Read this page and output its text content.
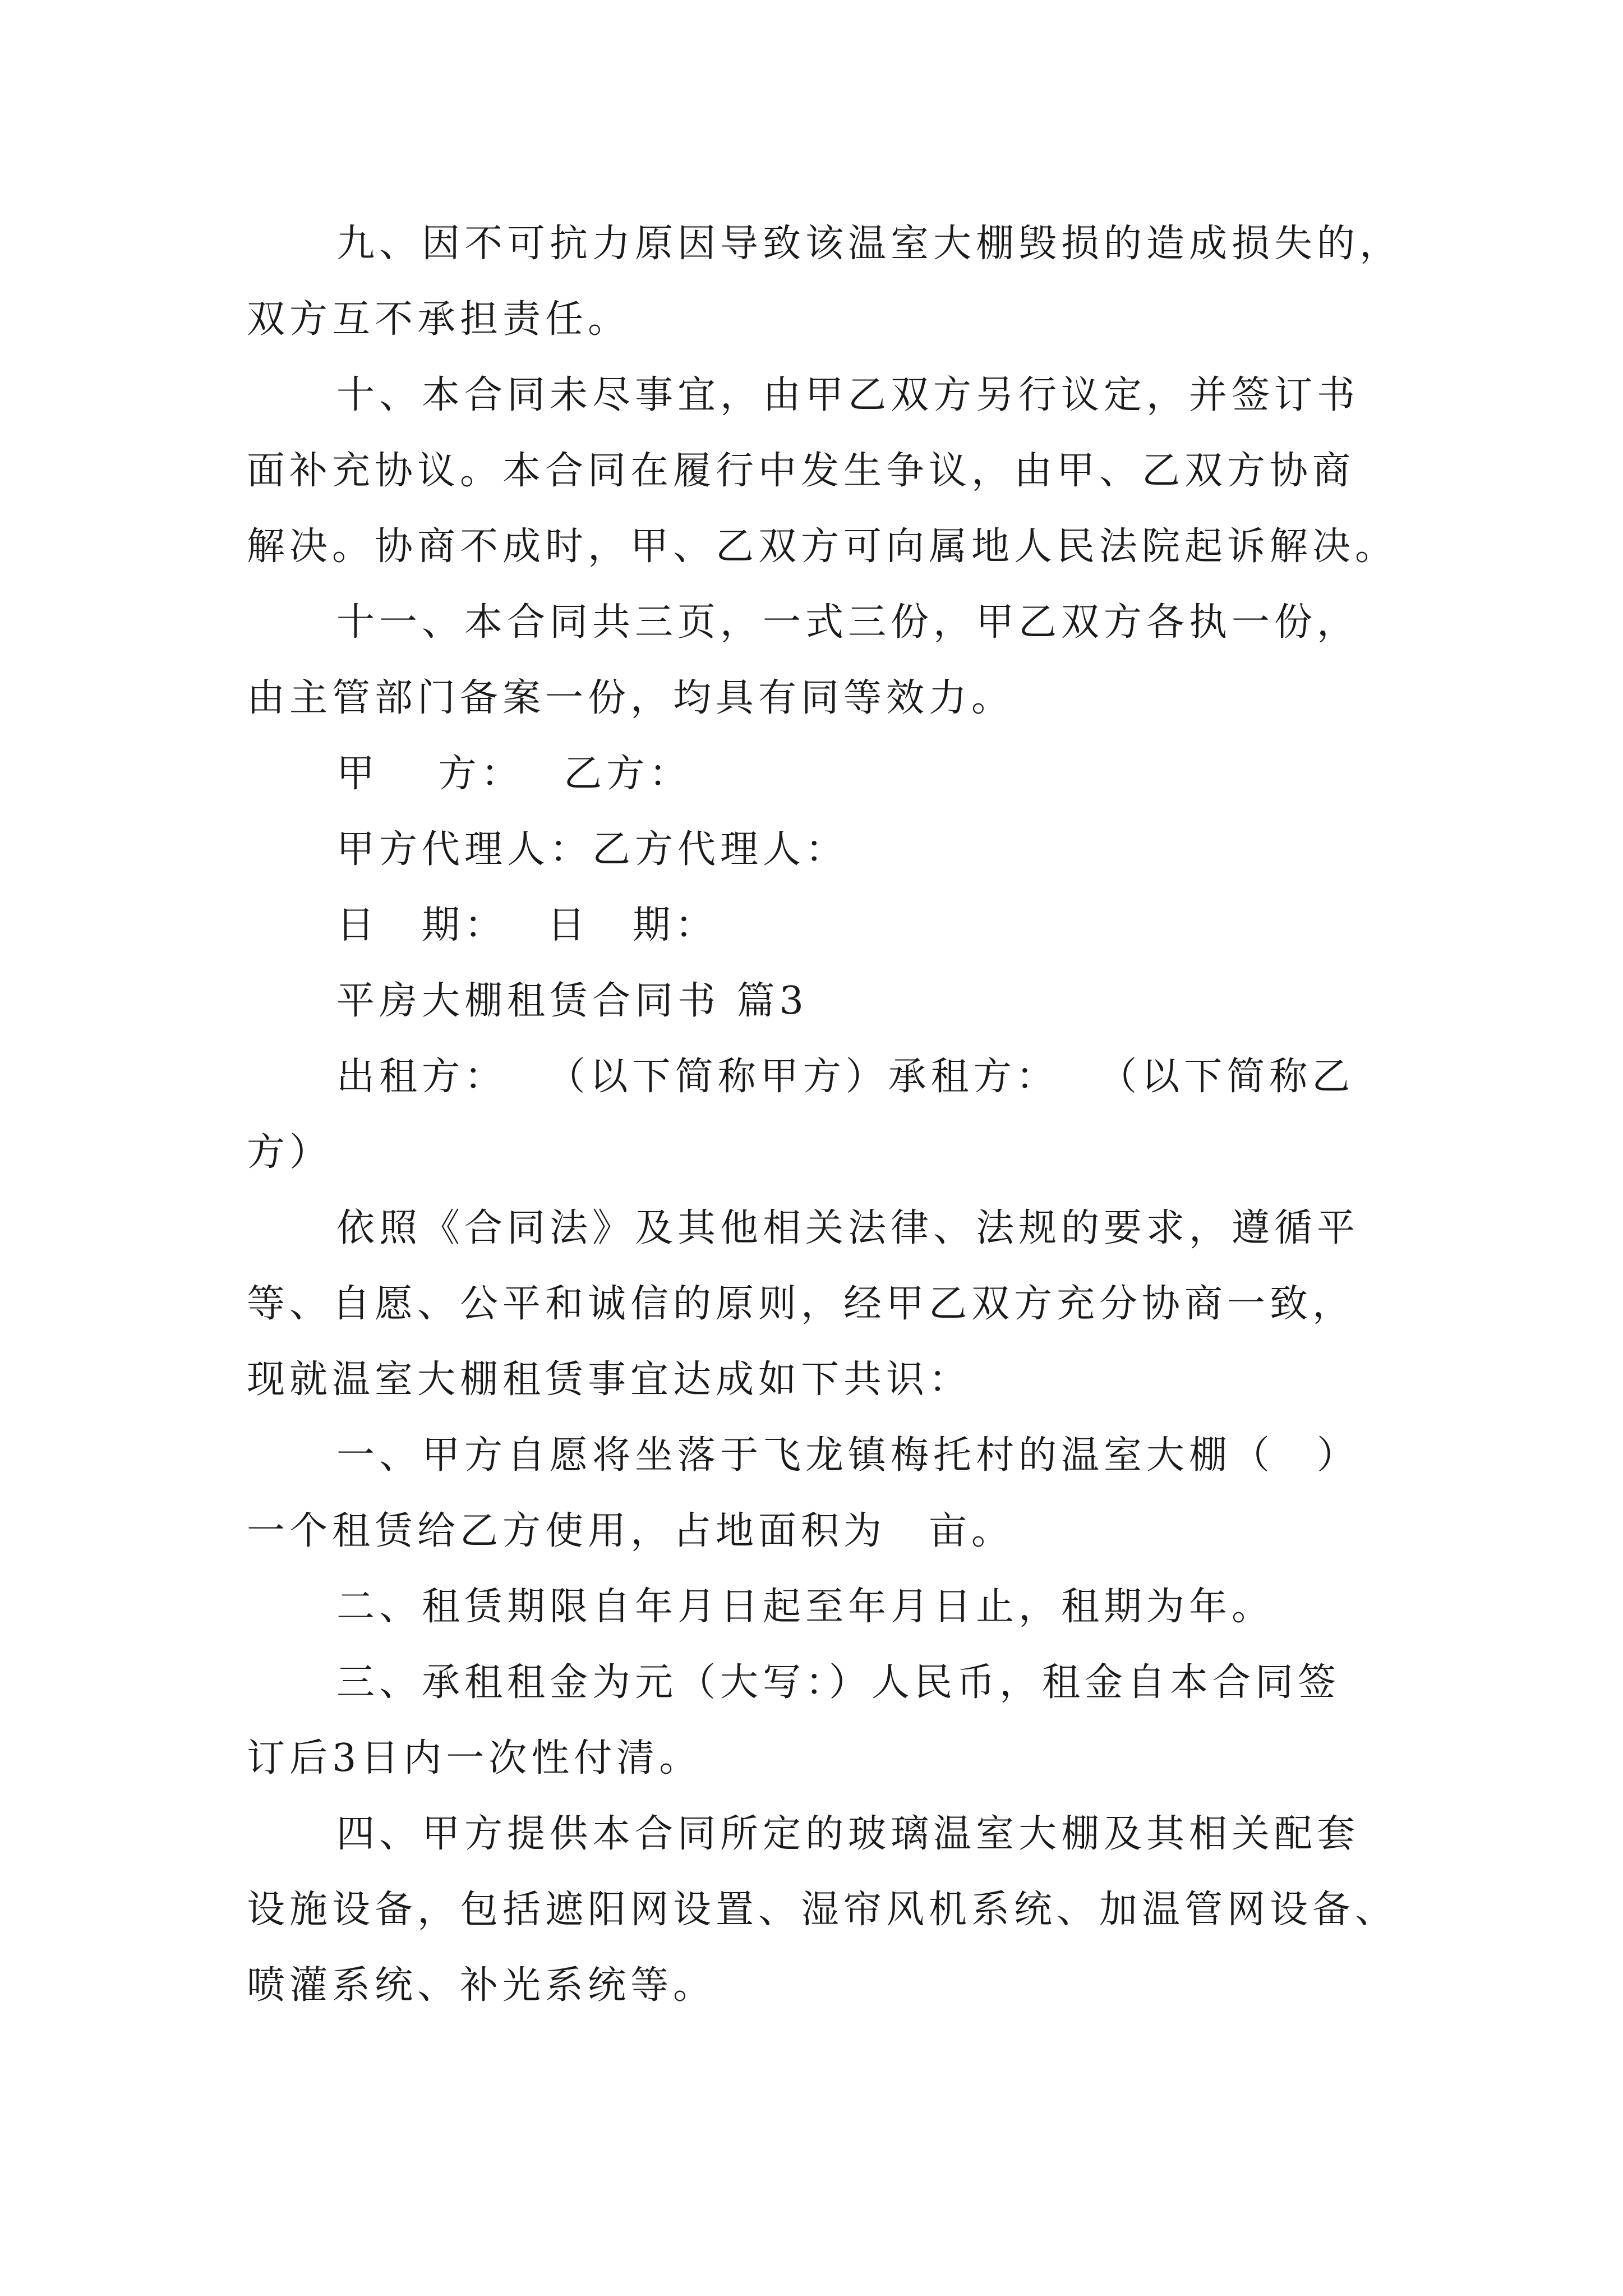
九、因不可抗力原因导致该温室大棚毁损的造成损失的，
双方互不承担责任。
十、本合同未尽事宜，由甲乙双方另行议定，并签订书
面补充协议。本合同在履行中发生争议，由甲、乙双方协商
解决。协商不成时，甲、乙双方可向属地人民法院起诉解决。
十一、本合同共三页，一式三份，甲乙双方各执一份，
由主管部门备案一份，均具有同等效力。
甲　 方：　 乙方：
甲方代理人：乙方代理人：
日　期：　 日　期：
平房大棚租赁合同书 篇3
出租方：　 （以下简称甲方）承租方：　 （以下简称乙
方）
依照《合同法》及其他相关法律、法规的要求，遵循平
等、自愿、公平和诚信的原则，经甲乙双方充分协商一致，
现就温室大棚租赁事宜达成如下共识：
一、甲方自愿将坐落于飞龙镇梅托村的温室大棚（　）
一个租赁给乙方使用，占地面积为　亩。
二、租赁期限自年月日起至年月日止，租期为年。
三、承租租金为元（大写：）人民币，租金自本合同签
订后3日内一次性付清。
四、甲方提供本合同所定的玻璃温室大棚及其相关配套
设施设备，包括遮阳网设置、湿帘风机系统、加温管网设备、
喷灌系统、补光系统等。
